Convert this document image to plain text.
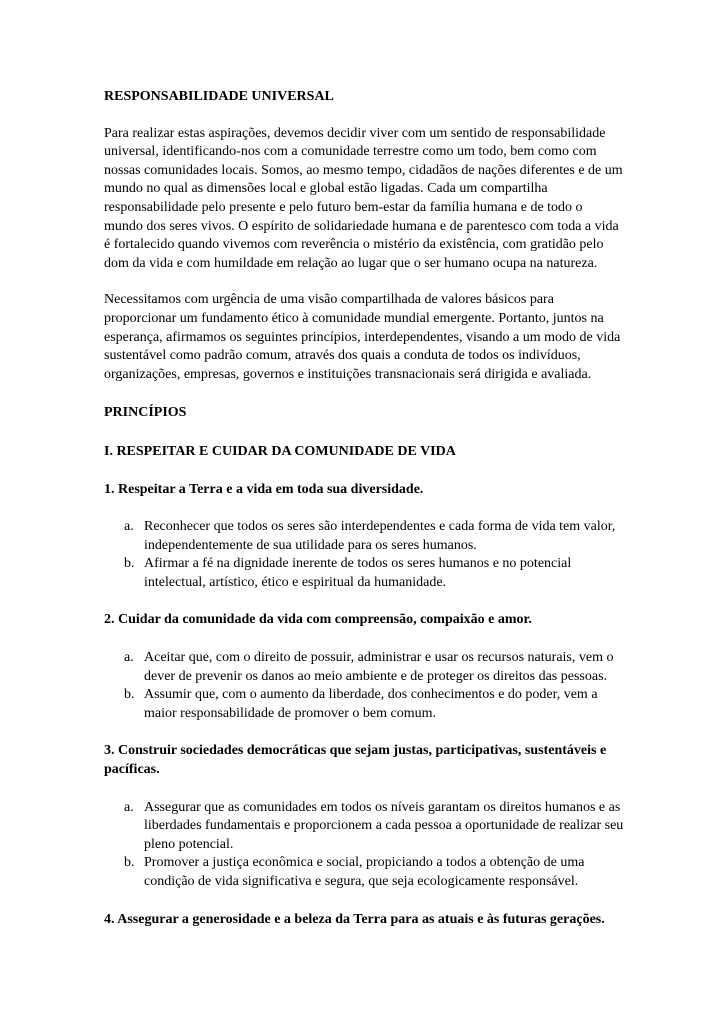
RESPONSABILIDADE UNIVERSAL

Para realizar estas aspirações, devemos decidir viver com um sentido de responsabilidade universal, identificando-nos com a comunidade terrestre como um todo, bem como com nossas comunidades locais. Somos, ao mesmo tempo, cidadãos de nações diferentes e de um mundo no qual as dimensões local e global estão ligadas. Cada um compartilha responsabilidade pelo presente e pelo futuro bem-estar da família humana e de todo o mundo dos seres vivos. O espírito de solidariedade humana e de parentesco com toda a vida é fortalecido quando vivemos com reverência o mistério da existência, com gratidão pelo dom da vida e com humildade em relação ao lugar que o ser humano ocupa na natureza.

Necessitamos com urgência de uma visão compartilhada de valores básicos para proporcionar um fundamento ético à comunidade mundial emergente. Portanto, juntos na esperança, afirmamos os seguintes princípios, interdependentes, visando a um modo de vida sustentável como padrão comum, através dos quais a conduta de todos os indivíduos, organizações, empresas, governos e instituições transnacionais será dirigida e avaliada.

PRINCÍPIOS

I. RESPEITAR E CUIDAR DA COMUNIDADE DE VIDA

1. Respeitar a Terra e a vida em toda sua diversidade.

a. Reconhecer que todos os seres são interdependentes e cada forma de vida tem valor, independentemente de sua utilidade para os seres humanos.
b. Afirmar a fé na dignidade inerente de todos os seres humanos e no potencial intelectual, artístico, ético e espiritual da humanidade.

2. Cuidar da comunidade da vida com compreensão, compaixão e amor.

a. Aceitar que, com o direito de possuir, administrar e usar os recursos naturais, vem o dever de prevenir os danos ao meio ambiente e de proteger os direitos das pessoas.
b. Assumir que, com o aumento da liberdade, dos conhecimentos e do poder, vem a
maior responsabilidade de promover o bem comum.

3. Construir sociedades democráticas que sejam justas, participativas, sustentáveis e pacíficas.

a. Assegurar que as comunidades em todos os níveis garantam os direitos humanos e as liberdades fundamentais e proporcionem a cada pessoa a oportunidade de realizar seu pleno potencial.
b. Promover a justiça econômica e social, propiciando a todos a obtenção de uma condição de vida significativa e segura, que seja ecologicamente responsável.

4. Assegurar a generosidade e a beleza da Terra para as atuais e às futuras gerações.
